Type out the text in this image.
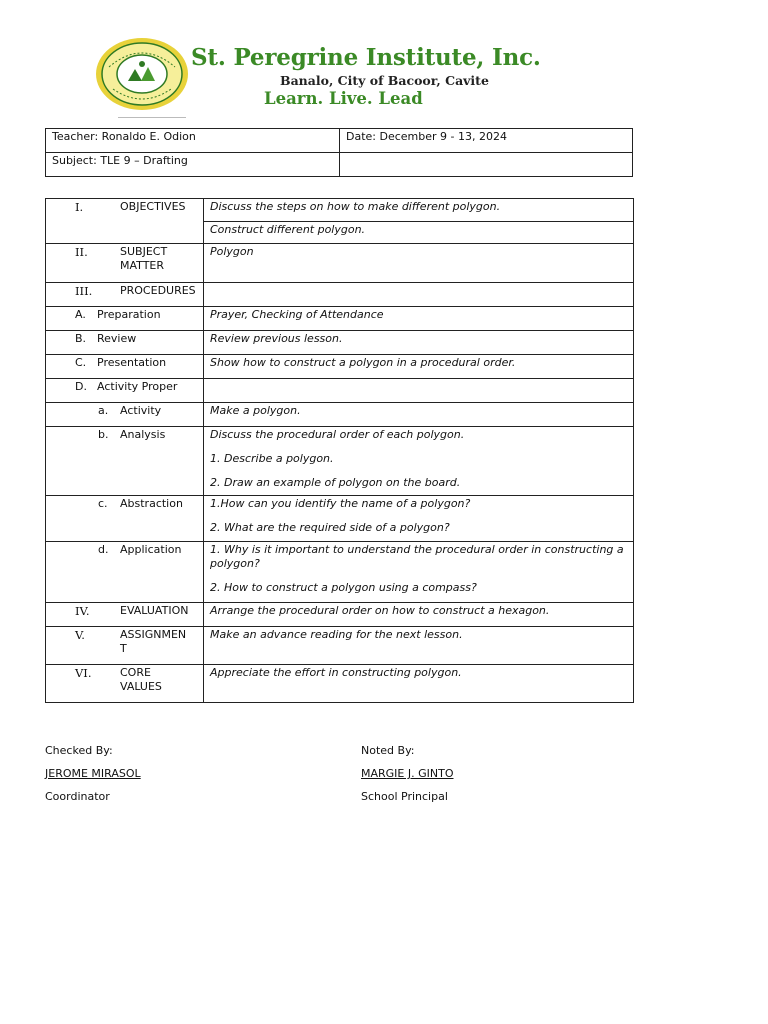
St. Peregrine Institute, Inc.
Banalo, City of Bacoor, Cavite
Learn. Live. Lead
Teacher: Ronaldo E. Odion	Date: December 9 - 13, 2024
Subject: TLE 9 – Drafting	
I. OBJECTIVES	Discuss the steps on how to make different polygon.
Construct different polygon.

II. SUBJECT MATTER	Polygon

III. PROCEDURES	

A. Preparation	Prayer, Checking of Attendance

B. Review	Review previous lesson.

C. Presentation	Show how to construct a polygon in a procedural order.

D. Activity Proper	

a. Activity	Make a polygon.

b. Analysis	Discuss the procedural order of each polygon.
1. Describe a polygon.
2. Draw an example of polygon on the board.

c. Abstraction	1.How can you identify the name of a polygon?
2. What are the required side of a polygon?

d. Application	1. Why is it important to understand the procedural order in constructing a polygon?
2. How to construct a polygon using a compass?

IV. EVALUATION	Arrange the procedural order on how to construct a hexagon.

V. ASSIGNMENT	Make an advance reading for the next lesson.

VI. CORE VALUES	Appreciate the effort in constructing polygon.
Checked By:
JEROME MIRASOL
Coordinator
Noted By:
MARGIE J. GINTO
School Principal
